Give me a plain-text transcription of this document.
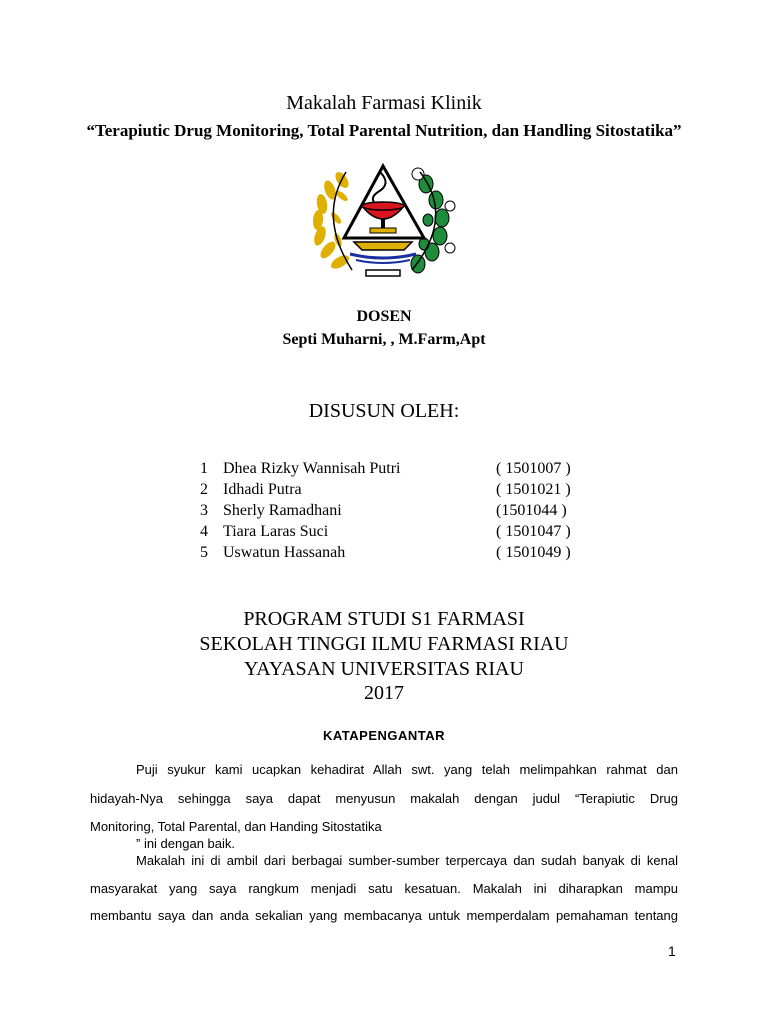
Makalah Farmasi Klinik
“Terapiutic Drug Monitoring, Total Parental Nutrition, dan Handling Sitostatika”
DOSEN
Septi Muharni, , M.Farm,Apt
DISUSUN OLEH:
1 Dhea Rizky Wannisah Putri	( 1501007 )
2 Idhadi Putra	( 1501021 )
3 Sherly Ramadhani	(1501044 )
4 Tiara Laras Suci	( 1501047 )
5 Uswatun Hassanah	( 1501049 )
PROGRAM STUDI S1 FARMASI
SEKOLAH TINGGI ILMU FARMASI RIAU
YAYASAN UNIVERSITAS RIAU
2017
KATAPENGANTAR
Puji syukur kami ucapkan kehadirat Allah swt. yang telah melimpahkan rahmat dan
hidayah-Nya sehingga saya dapat menyusun makalah dengan judul “Terapiutic Drug
Monitoring, Total Parental, dan Handing Sitostatika
” ini dengan baik.
Makalah ini di ambil dari berbagai sumber-sumber terpercaya dan sudah banyak di kenal
masyarakat yang saya rangkum menjadi satu kesatuan. Makalah ini diharapkan mampu
membantu saya dan anda sekalian yang membacanya untuk memperdalam pemahaman tentang
1
